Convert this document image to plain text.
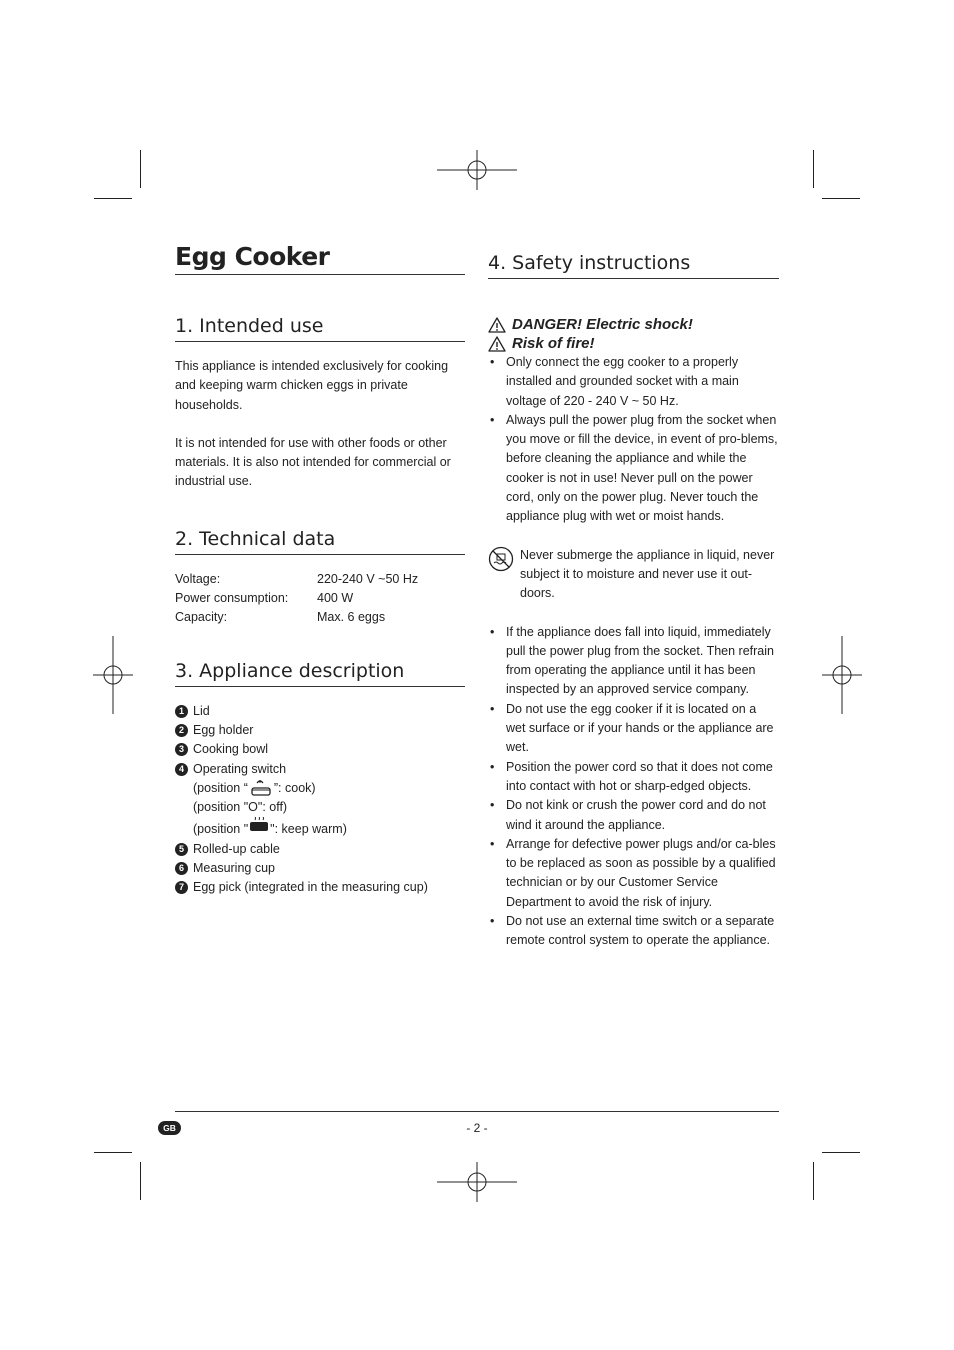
Egg Cooker
1. Intended use

This appliance is intended exclusively for cooking and keeping warm chicken eggs in private households.

It is not intended for use with other foods or other materials. It is also not intended for commercial or industrial use.

2. Technical data
Voltage:	220-240 V ~50 Hz
Power consumption:	400 W
Capacity:	Max. 6 eggs
3. Appliance description
1 Lid
2 Egg holder
3 Cooking bowl
4 Operating switch
(position “ ”: cook)
(position "O": off)
(position " ": keep warm)
5 Rolled-up cable
6 Measuring cup
7 Egg pick (integrated in the measuring cup)
4. Safety instructions
DANGER! Electric shock!
Risk of fire!
• Only connect the egg cooker to a properly installed and grounded socket with a main voltage of 220 - 240 V ~ 50 Hz.
• Always pull the power plug from the socket when you move or fill the device, in event of pro-blems, before cleaning the appliance and while the cooker is not in use! Never pull on the power cord, only on the power plug. Never touch the appliance plug with wet or moist hands.
Never submerge the appliance in liquid, never subject it to moisture and never use it out-doors.
• If the appliance does fall into liquid, immediately pull the power plug from the socket. Then refrain from operating the appliance until it has been inspected by an approved service company.
• Do not use the egg cooker if it is located on a wet surface or if your hands or the appliance are wet.
• Position the power cord so that it does not come into contact with hot or sharp-edged objects.
• Do not kink or crush the power cord and do not wind it around the appliance.
• Arrange for defective power plugs and/or ca-bles to be replaced as soon as possible by a qualified technician or by our Customer Service Department to avoid the risk of injury.
• Do not use an external time switch or a separate remote control system to operate the appliance.
GB	- 2 -
